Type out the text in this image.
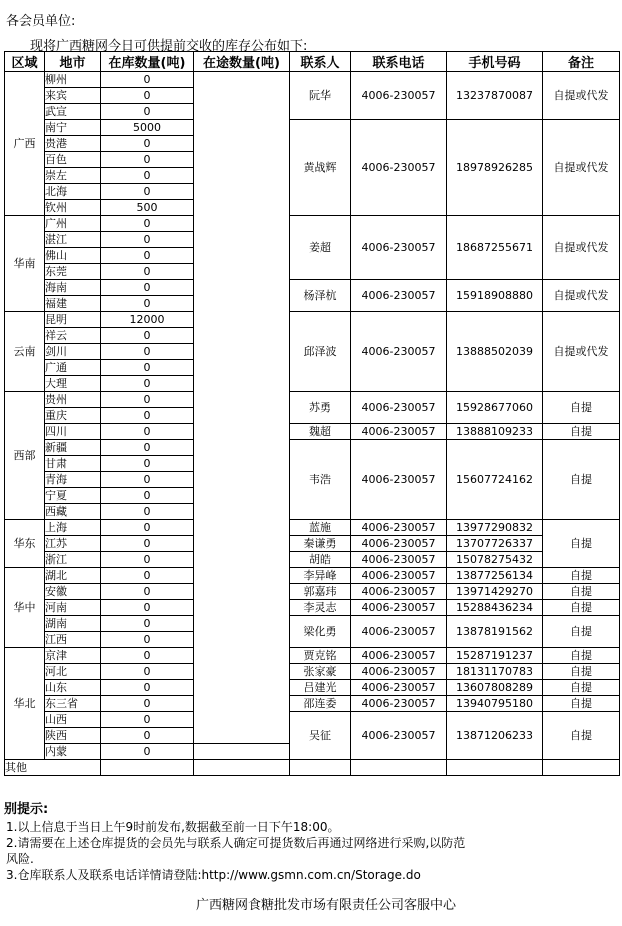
各会员单位:
现将广西糖网今日可供提前交收的库存公布如下:
区域	地市	在库数量(吨)	在途数量(吨)	联系人	联系电话	手机号码	备注
广西	柳州	0		阮华	4006-230057	13237870087	自提或代发
	来宾	0					
	武宣	0					
	南宁	5000		黄战辉	4006-230057	18978926285	自提或代发
	贵港	0					
	百色	0					
	崇左	0					
	北海	0					
	钦州	500					
华南	广州	0		姜超	4006-230057	18687255671	自提或代发
	湛江	0					
	佛山	0					
	东莞	0					
	海南	0		杨泽杭	4006-230057	15918908880	自提或代发
	福建	0					
云南	昆明	12000		邱泽波	4006-230057	13888502039	自提或代发
	祥云	0					
	剑川	0					
	广通	0					
	大理	0					
西部	贵州	0		苏勇	4006-230057	15928677060	自提
	重庆	0					
	四川	0		魏超	4006-230057	13888109233	自提
	新疆	0		韦浩	4006-230057	15607724162	自提
	甘肃	0					
	青海	0					
	宁夏	0					
	西藏	0					
华东	上海	0		蓝施	4006-230057	13977290832	自提
	江苏	0		秦谦勇	4006-230057	13707726337	
	浙江	0		胡皓	4006-230057	15078275432	
华中	湖北	0		李异峰	4006-230057	13877256134	自提
	安徽	0		郭嘉玮	4006-230057	13971429270	自提
	河南	0		李灵志	4006-230057	15288436234	自提
	湖南	0		梁化勇	4006-230057	13878191562	自提
	江西	0					
华北	京津	0		贾克铭	4006-230057	15287191237	自提
	河北	0		张家豪	4006-230057	18131170783	自提
	山东	0		吕建光	4006-230057	13607808289	自提
	东三省	0		邵连委	4006-230057	13940795180	自提
	山西	0		吴征	4006-230057	13871206233	自提
	陕西	0					
	内蒙	0					
其他							
别提示:
1.以上信息于当日上午9时前发布,数据截至前一日下午18:00。
2.请需要在上述仓库提货的会员先与联系人确定可提货数后再通过网络进行采购,以防范
风险.
3.仓库联系人及联系电话详情请登陆:http://www.gsmn.com.cn/Storage.do
广西糖网食糖批发市场有限责任公司客服中心
